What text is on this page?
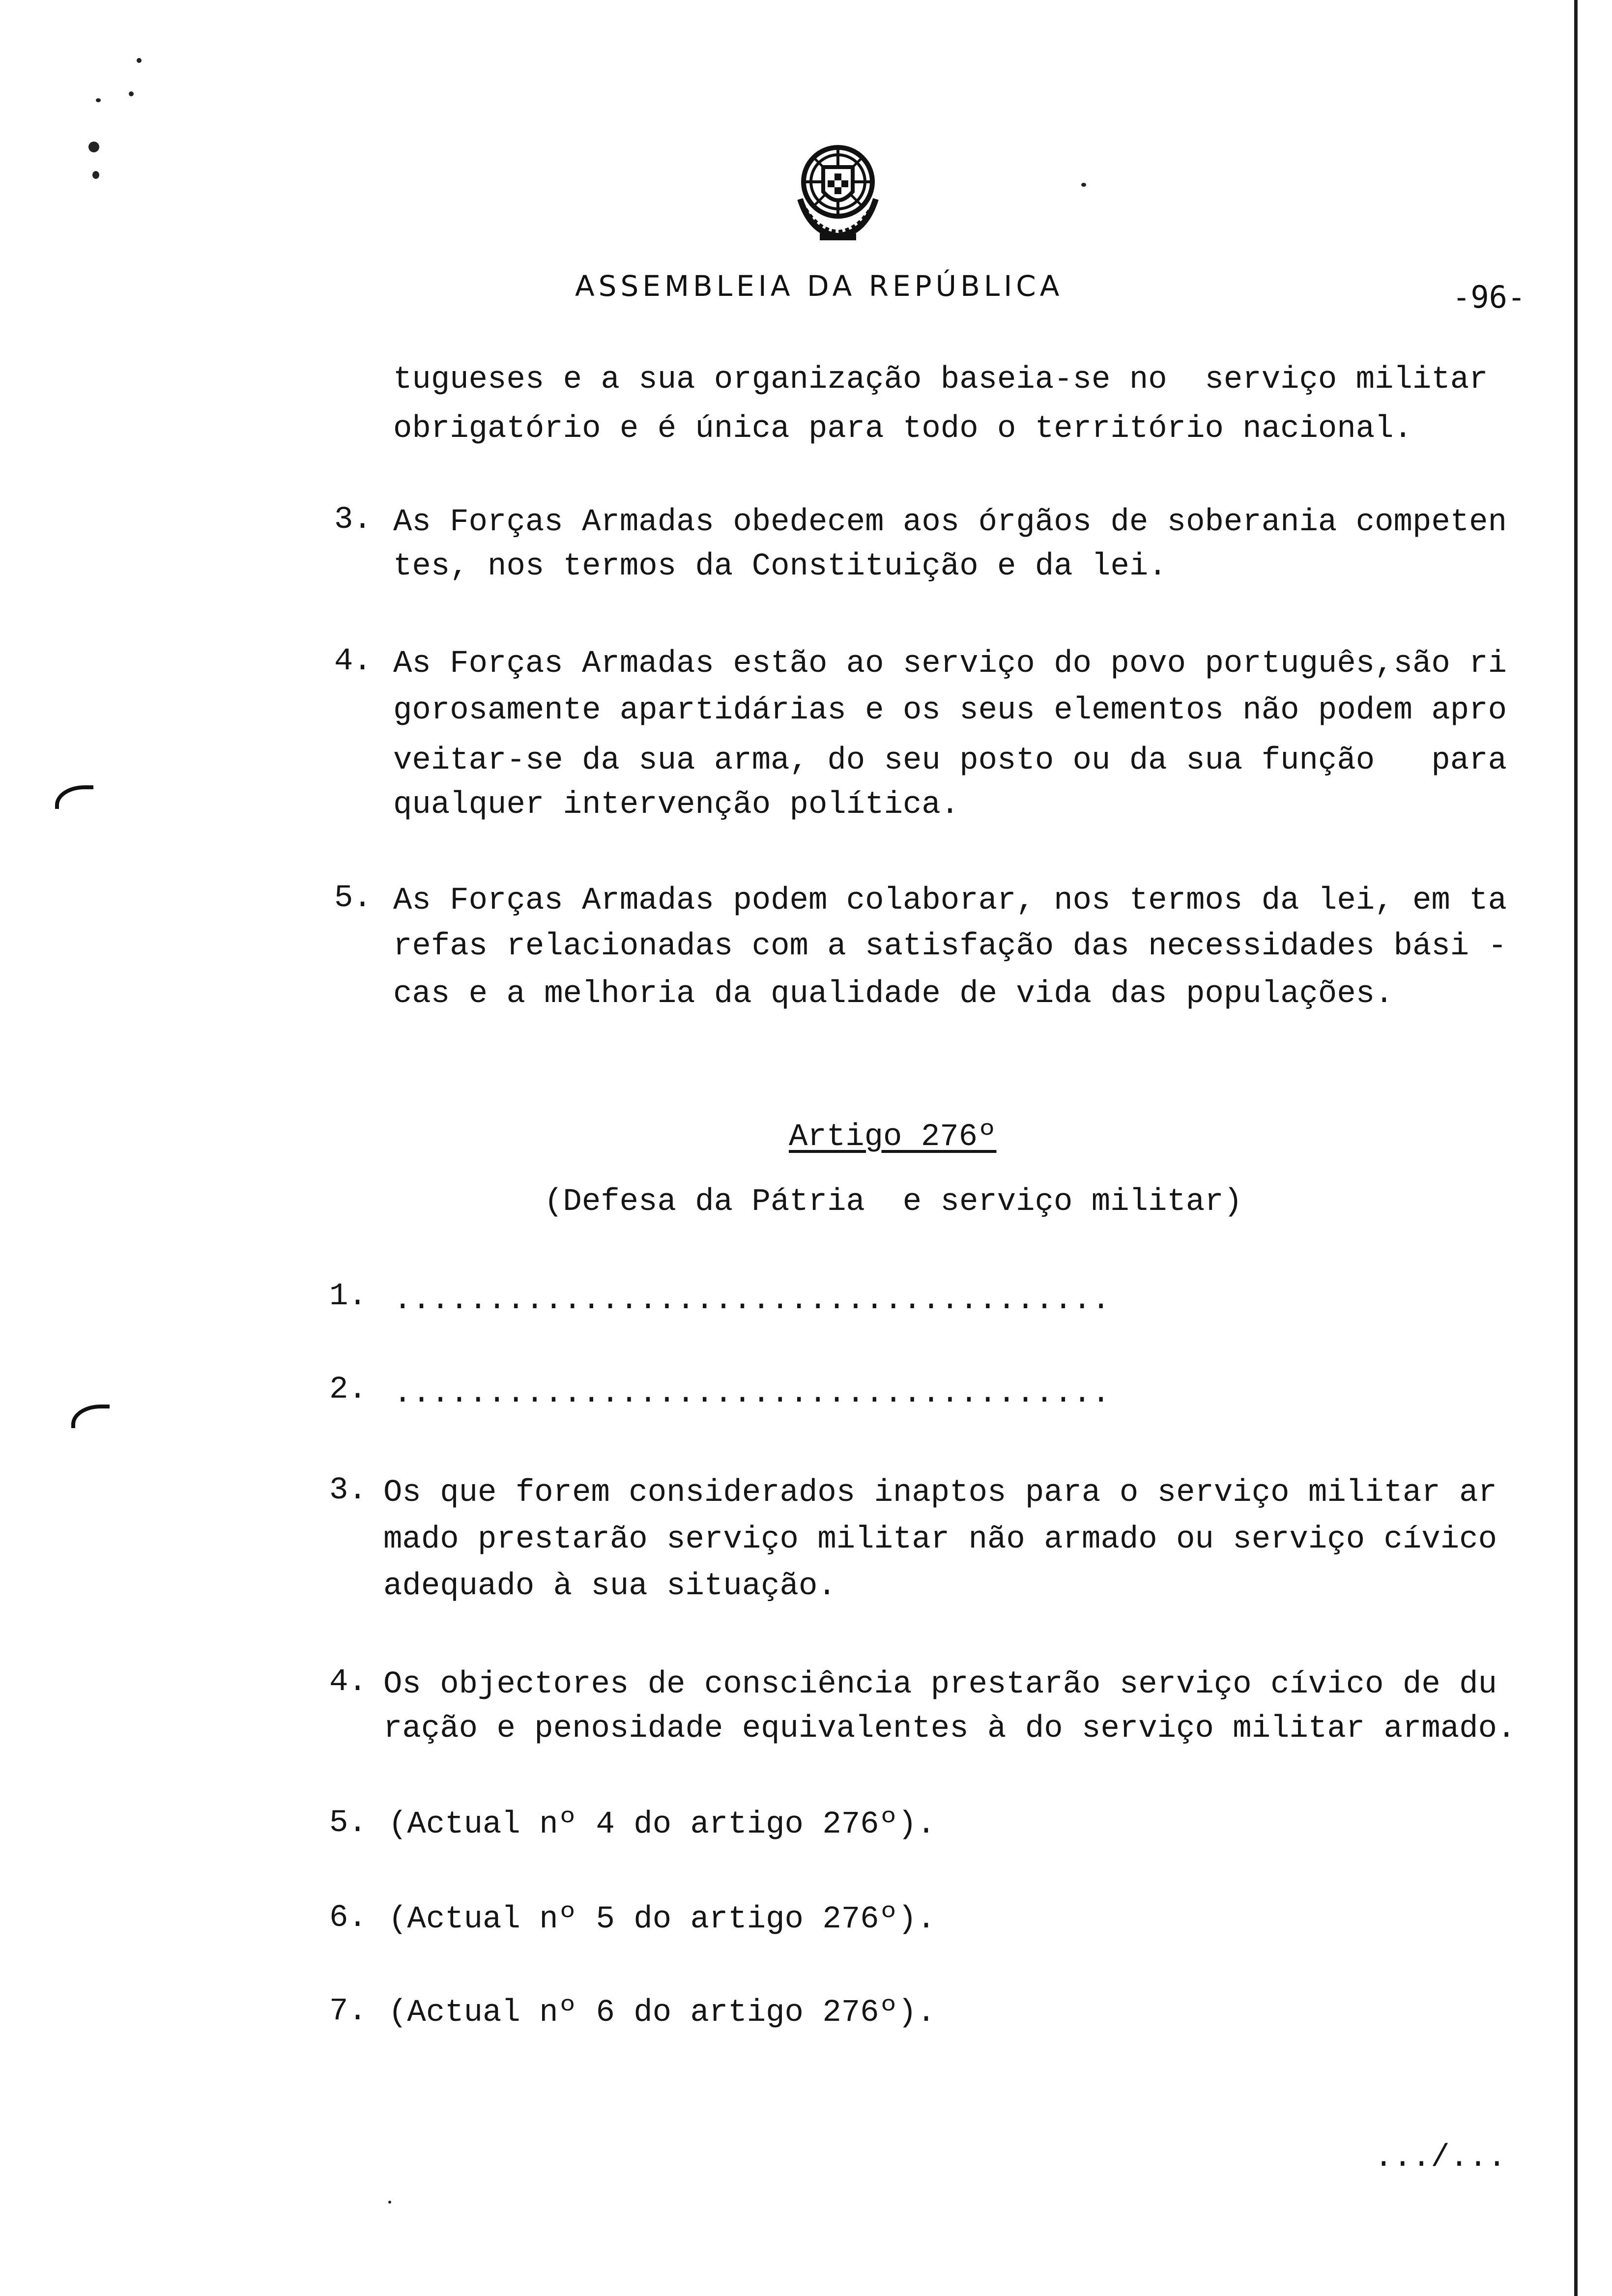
ASSEMBLEIA DA REPÚBLICA	-96-

tugueses e a sua organização baseia-se no  serviço militar

obrigatório e é única para todo o território nacional.

3.

As Forças Armadas obedecem aos órgãos de soberania competen

tes, nos termos da Constituição e da lei.

4.

As Forças Armadas estão ao serviço do povo português,são ri

gorosamente apartidárias e os seus elementos não podem apro

veitar-se da sua arma, do seu posto ou da sua função   para

qualquer intervenção política.

5.

As Forças Armadas podem colaborar, nos termos da lei, em ta

refas relacionadas com a satisfação das necessidades bási -

cas e a melhoria da qualidade de vida das populações.

Artigo 276º
(Defesa da Pátria  e serviço militar)

1.

......................................

2.

......................................

3.

Os que forem considerados inaptos para o serviço militar ar

mado prestarão serviço militar não armado ou serviço cívico

adequado à sua situação.

4.

Os objectores de consciência prestarão serviço cívico de du

ração e penosidade equivalentes à do serviço militar armado.

5.

(Actual nº 4 do artigo 276º).

6.

(Actual nº 5 do artigo 276º).

7.

(Actual nº 6 do artigo 276º).

.../...
